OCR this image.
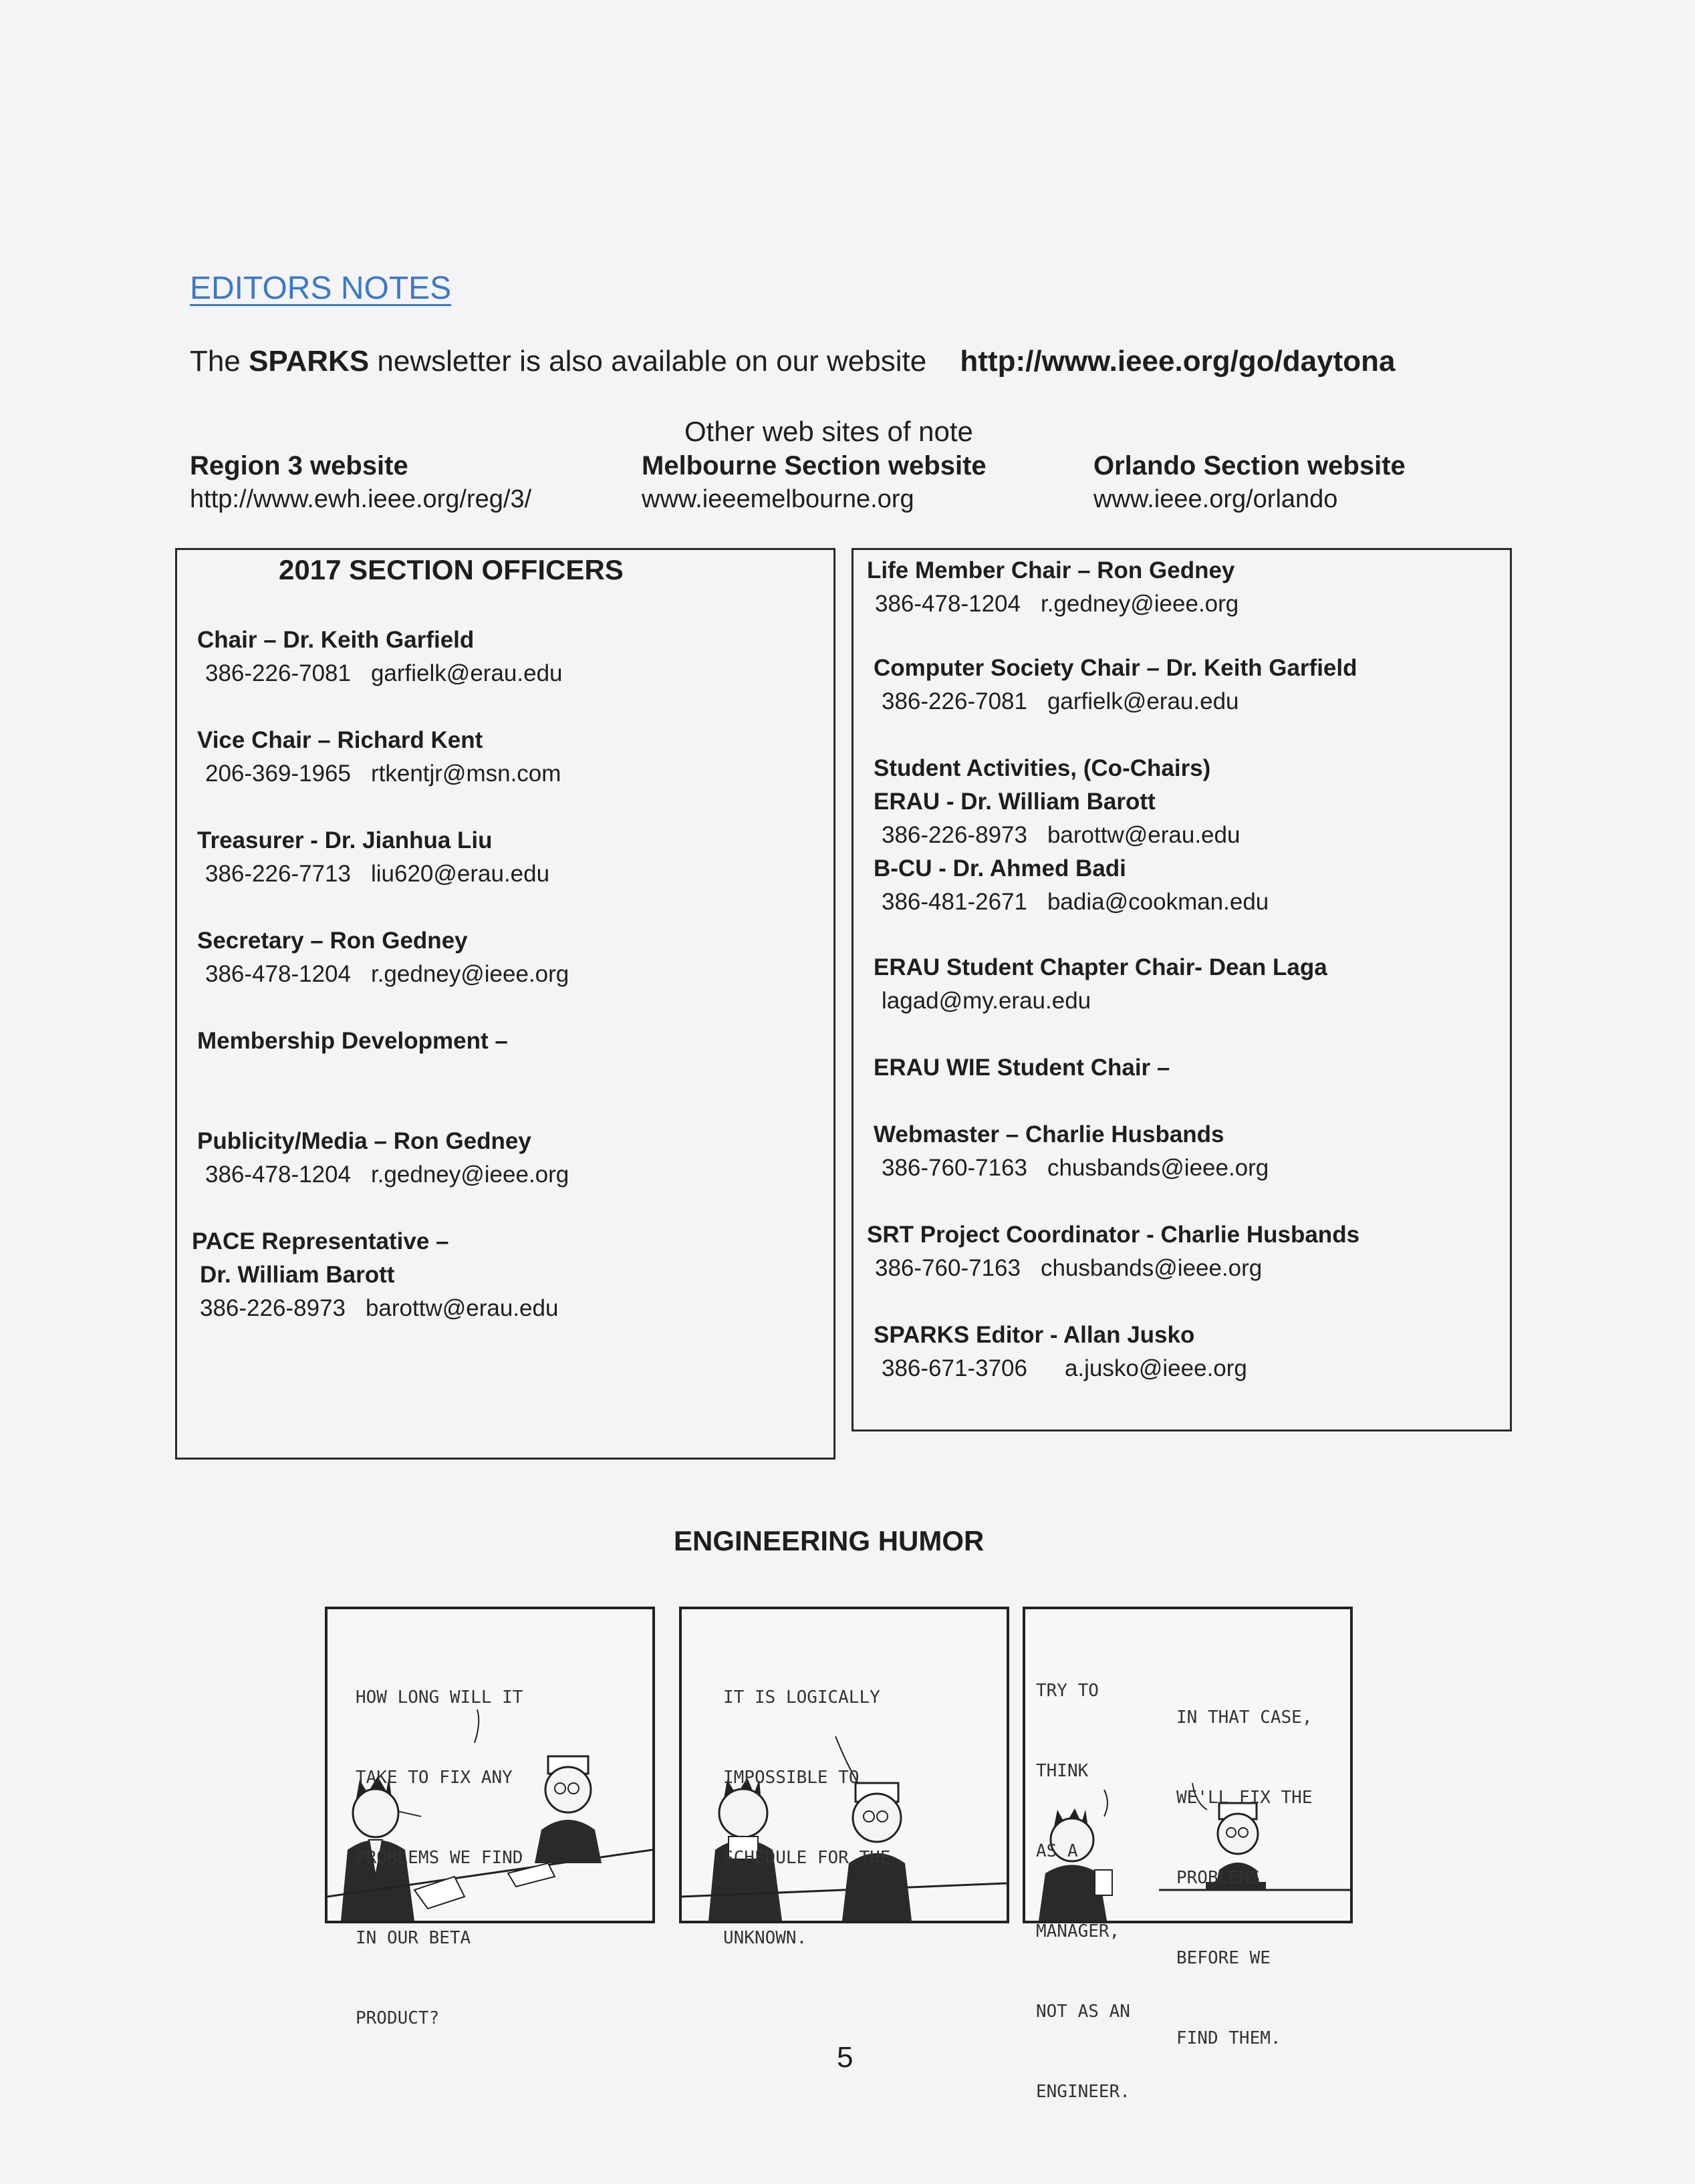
EDITORS NOTES
The SPARKS newsletter is also available on our website http://www.ieee.org/go/daytona
Other web sites of note
Region 3 website
http://www.ewh.ieee.org/reg/3/
Melbourne Section website
www.ieeemelbourne.org
Orlando Section website
www.ieee.org/orlando
2017 SECTION OFFICERS
Chair – Dr. Keith Garfield
386-226-7081 garfielk@erau.edu
Vice Chair – Richard Kent
206-369-1965 rtkentjr@msn.com
Treasurer - Dr. Jianhua Liu
386-226-7713 liu620@erau.edu
Secretary – Ron Gedney
386-478-1204 r.gedney@ieee.org
Membership Development –
Publicity/Media – Ron Gedney
386-478-1204 r.gedney@ieee.org
PACE Representative –
Dr. William Barott
386-226-8973 barottw@erau.edu
Life Member Chair – Ron Gedney
386-478-1204 r.gedney@ieee.org
Computer Society Chair – Dr. Keith Garfield
386-226-7081 garfielk@erau.edu
Student Activities, (Co-Chairs)
ERAU - Dr. William Barott
386-226-8973 barottw@erau.edu
B-CU - Dr. Ahmed Badi
386-481-2671 badia@cookman.edu
ERAU Student Chapter Chair- Dean Laga
lagad@my.erau.edu
ERAU WIE Student Chair –
Webmaster – Charlie Husbands
386-760-7163 chusbands@ieee.org
SRT Project Coordinator - Charlie Husbands
386-760-7163 chusbands@ieee.org
SPARKS Editor - Allan Jusko
386-671-3706 a.jusko@ieee.org
ENGINEERING HUMOR

HOW LONG WILL IT

TAKE TO FIX ANY

PROBLEMS WE FIND

IN OUR BETA

PRODUCT?

IT IS LOGICALLY

IMPOSSIBLE TO

SCHEDULE FOR THE

UNKNOWN.

TRY TO

THINK

AS A

MANAGER,

NOT AS AN

ENGINEER.

IN THAT CASE,

WE'LL FIX THE

PROBLEMS

BEFORE WE

FIND THEM.

5
